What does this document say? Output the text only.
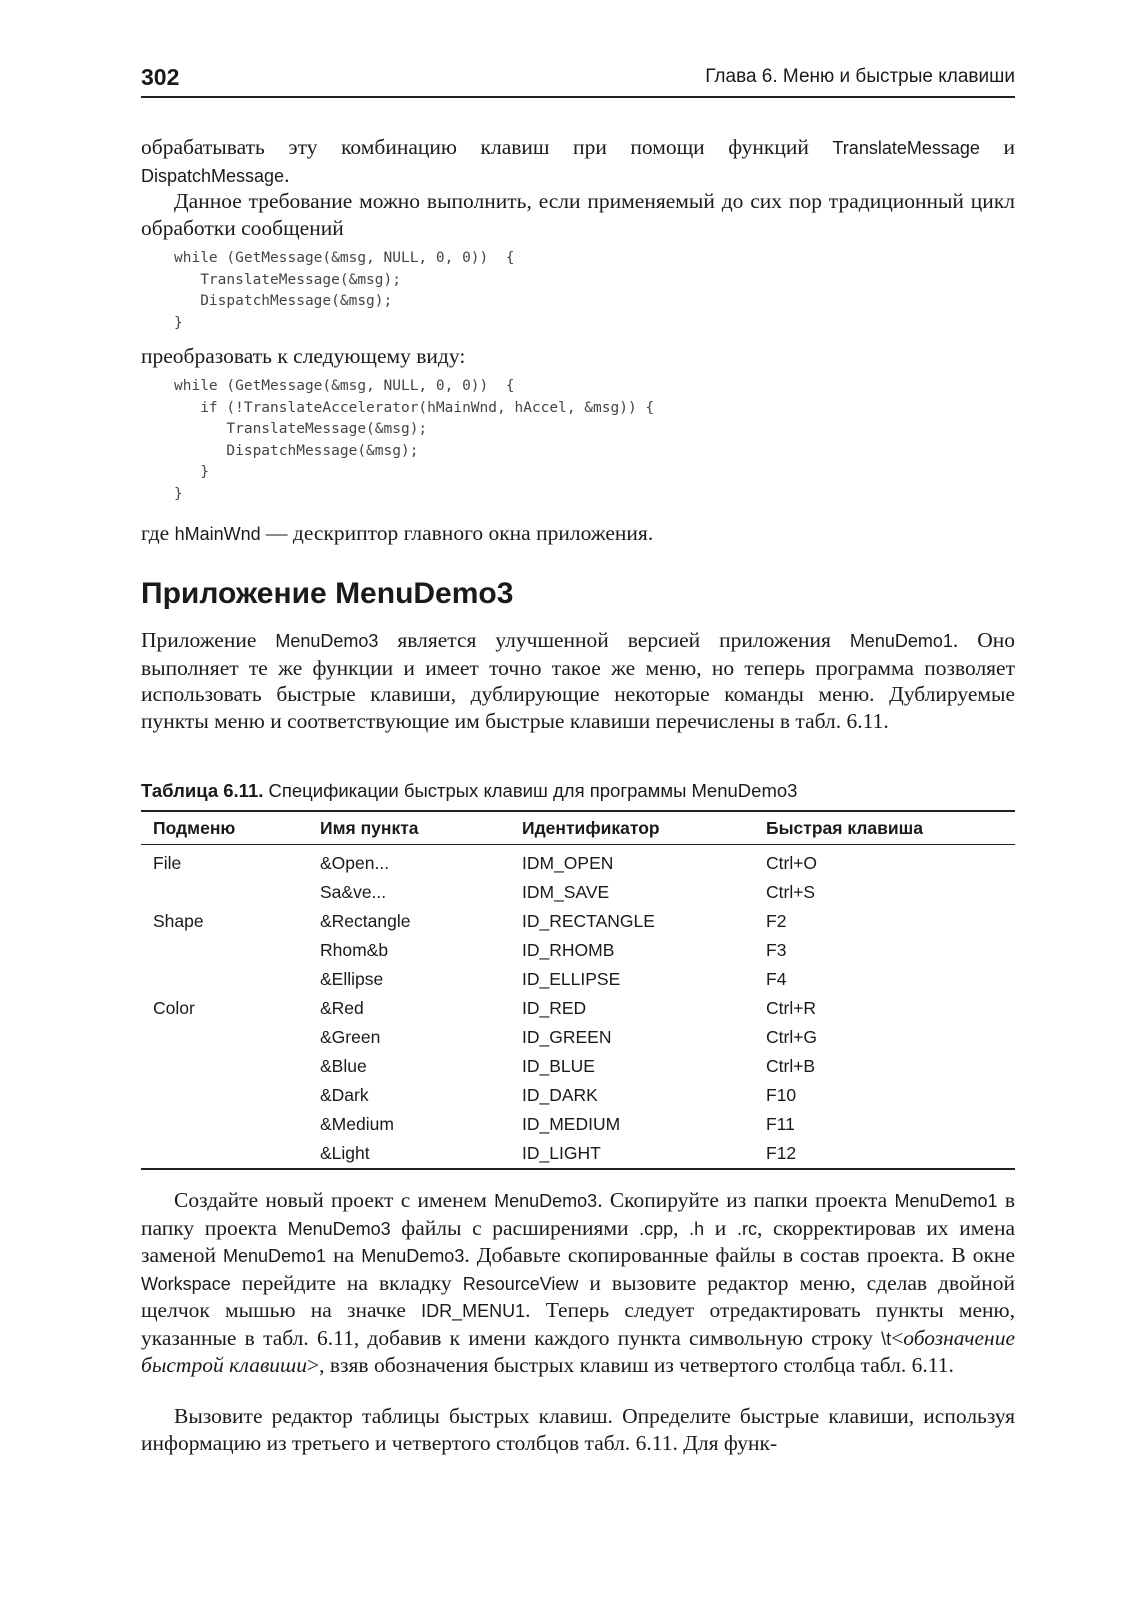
302	Глава 6. Меню и быстрые клавиши

обрабатывать эту комбинацию клавиш при помощи функций TranslateMessage и DispatchMessage.

Данное требование можно выполнить, если применяемый до сих пор традиционный цикл обработки сообщений

while (GetMessage(&msg, NULL, 0, 0))  {
TranslateMessage(&msg);
DispatchMessage(&msg);
}

преобразовать к следующему виду:

while (GetMessage(&msg, NULL, 0, 0))  {
if (!TranslateAccelerator(hMainWnd, hAccel, &msg)) {
TranslateMessage(&msg);
DispatchMessage(&msg);
}
}

где hMainWnd — дескриптор главного окна приложения.

Приложение MenuDemo3

Приложение MenuDemo3 является улучшенной версией приложения MenuDemo1. Оно выполняет те же функции и имеет точно такое же меню, но теперь программа позволяет использовать быстрые клавиши, дублирующие некоторые команды меню. Дублируемые пункты меню и соответствующие им быстрые клавиши перечислены в табл. 6.11.

Таблица 6.11. Спецификации быстрых клавиш для программы MenuDemo3
Подменю	Имя пункта	Идентификатор	Быстрая клавиша
File	&Open...	IDM_OPEN	Ctrl+O
	Sa&ve...	IDM_SAVE	Ctrl+S
Shape	&Rectangle	ID_RECTANGLE	F2
	Rhom&b	ID_RHOMB	F3
	&Ellipse	ID_ELLIPSE	F4
Color	&Red	ID_RED	Ctrl+R
	&Green	ID_GREEN	Ctrl+G
	&Blue	ID_BLUE	Ctrl+B
	&Dark	ID_DARK	F10
	&Medium	ID_MEDIUM	F11
	&Light	ID_LIGHT	F12

Создайте новый проект с именем MenuDemo3. Скопируйте из папки проекта MenuDemo1 в папку проекта MenuDemo3 файлы с расширениями .cpp, .h и .rc, скорректировав их имена заменой MenuDemo1 на MenuDemo3. Добавьте скопированные файлы в состав проекта. В окне Workspace перейдите на вкладку ResourceView и вызовите редактор меню, сделав двойной щелчок мышью на значке IDR_MENU1. Теперь следует отредактировать пункты меню, указанные в табл. 6.11, добавив к имени каждого пункта символьную строку \t<обозначение быстрой клавиши>, взяв обозначения быстрых клавиш из четвертого столбца табл. 6.11.

Вызовите редактор таблицы быстрых клавиш. Определите быстрые клавиши, используя информацию из третьего и четвертого столбцов табл. 6.11. Для функ-
